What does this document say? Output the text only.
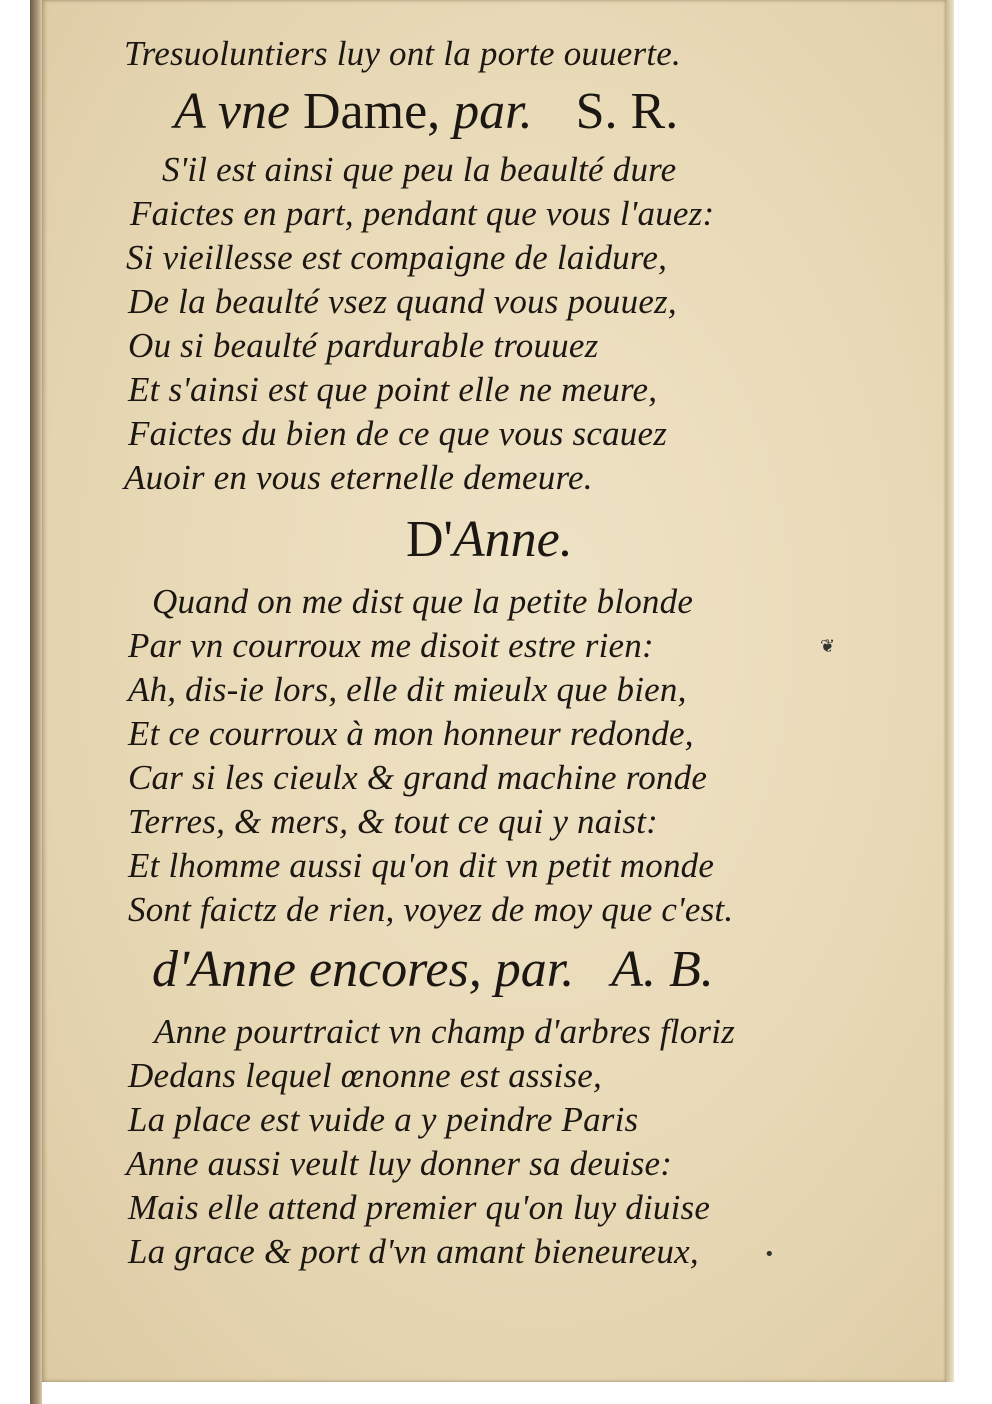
Tresuoluntiers luy ont la porte ouuerte.
A vne Dame, par. S. R.
S'il est ainsi que peu la beaulté dure
Faictes en part, pendant que vous l'auez:
Si vieillesse est compaigne de laidure,
De la beaulté vsez quand vous pouuez,
Ou si beaulté pardurable trouuez
Et s'ainsi est que point elle ne meure,
Faictes du bien de ce que vous scauez
Auoir en vous eternelle demeure.
D'Anne.
Quand on me dist que la petite blonde
Par vn courroux me disoit estre rien:
Ah, dis-ie lors, elle dit mieulx que bien,
Et ce courroux à mon honneur redonde,
Car si les cieulx & grand machine ronde
Terres, & mers, & tout ce qui y naist:
Et lhomme aussi qu'on dit vn petit monde
Sont faictz de rien, voyez de moy que c'est.
d'Anne encores, par. A. B.
Anne pourtraict vn champ d'arbres floriz
Dedans lequel œnonne est assise,
La place est vuide a y peindre Paris
Anne aussi veult luy donner sa deuise:
Mais elle attend premier qu'on luy diuise
La grace & port d'vn amant bieneureux,
❦
•
